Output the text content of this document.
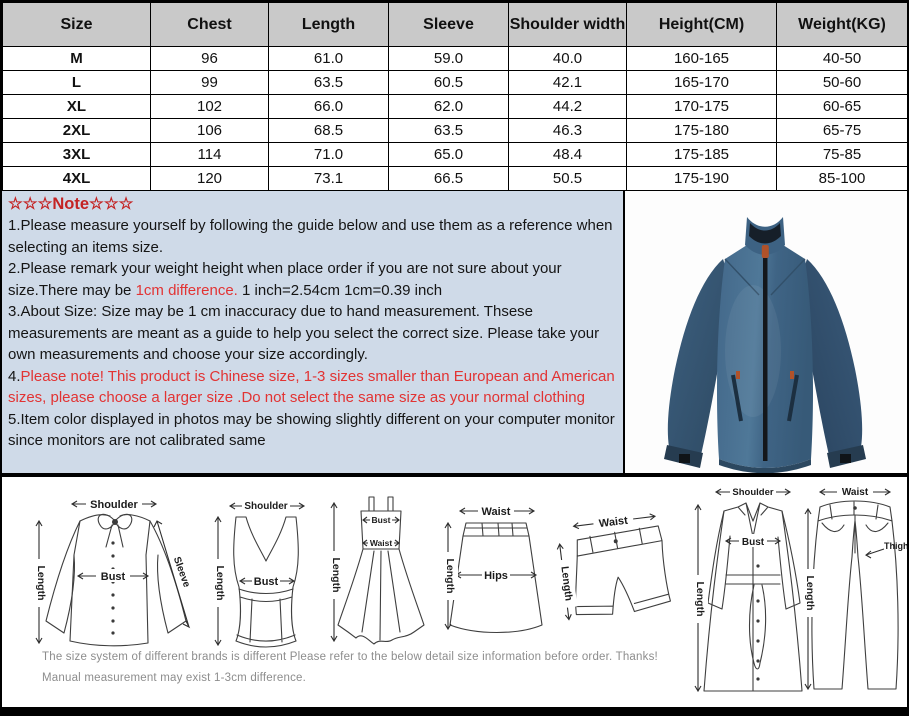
Size	Chest	Length	Sleeve	Shoulder width	Height(CM)	Weight(KG)
M	96	61.0	59.0	40.0	160-165	40-50
L	99	63.5	60.5	42.1	165-170	50-60
XL	102	66.0	62.0	44.2	170-175	60-65
2XL	106	68.5	63.5	46.3	175-180	65-75
3XL	114	71.0	65.0	48.4	175-185	75-85
4XL	120	73.1	66.5	50.5	175-190	85-100
☆☆☆Note☆☆☆

1.Please measure yourself by following the guide below and use them as a reference when selecting an items size.

2.Please remark your weight height when place order if you are not sure about your size.There may be 1cm difference. 1 inch=2.54cm 1cm=0.39 inch

3.About Size: Size may be 1 cm inaccuracy due to hand measurement. Thsese measurements are meant as a guide to help you select the correct size. Please take your own measurements and choose your size accordingly.

4.Please note! This product is Chinese size, 1-3 sizes smaller than European and American sizes, please choose a larger size .Do not select the same size as your normal clothing

5.Item color displayed in photos may be showing slightly different on your computer monitor since monitors are not calibrated same

Shoulder
Length	Bust	Sleeve
Shoulder
Length	Bust
Bust
Waist
Length
Waist
Hips
Length
Waist
Length
Shoulder
Bust
Length
Waist
Thigh
Length
The size system of different brands is different Please refer to the below detail size information before order. Thanks!
Manual measurement may exist 1-3cm difference.
